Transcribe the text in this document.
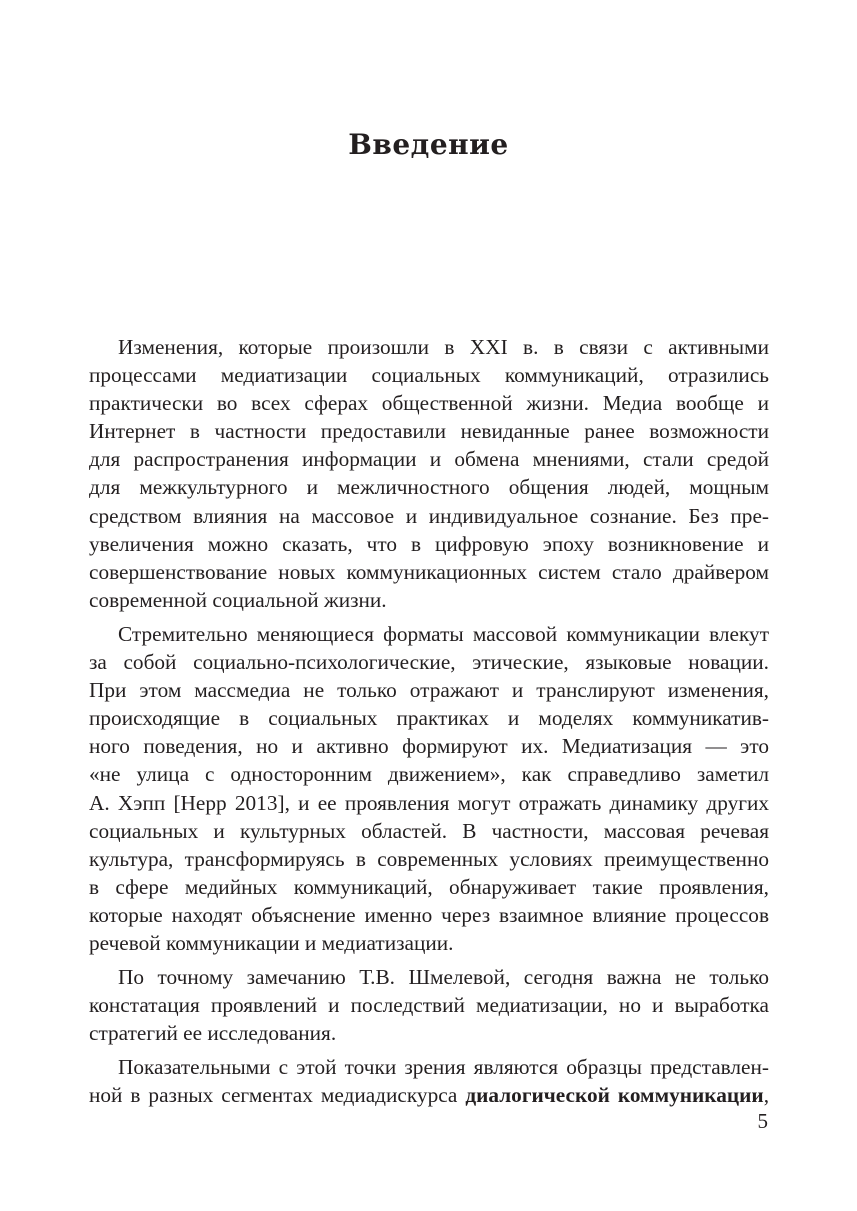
Введение

Изменения, которые произошли в XXI в. в связи с активными
процессами медиатизации социальных коммуникаций, отразились
практически во всех сферах общественной жизни. Медиа вообще и
Интернет в частности предоставили невиданные ранее возможности
для распространения информации и обмена мнениями, стали средой
для межкультурного и межличностного общения людей, мощным
средством влияния на массовое и индивидуальное сознание. Без пре-
увеличения можно сказать, что в цифровую эпоху возникновение и
совершенствование новых коммуникационных систем стало драйвером
современной социальной жизни.

Стремительно меняющиеся форматы массовой коммуникации влекут
за собой социально-психологические, этические, языковые новации.
При этом массмедиа не только отражают и транслируют изменения,
происходящие в социальных практиках и моделях коммуникатив-
ного поведения, но и активно формируют их. Медиатизация — это
«не улица с односторонним движением», как справедливо заметил
А. Хэпп [Hepp 2013], и ее проявления могут отражать динамику других
социальных и культурных областей. В частности, массовая речевая
культура, трансформируясь в современных условиях преимущественно
в сфере медийных коммуникаций, обнаруживает такие проявления,
которые находят объяснение именно через взаимное влияние процессов
речевой коммуникации и медиатизации.

По точному замечанию Т.В. Шмелевой, сегодня важна не только
констатация проявлений и последствий медиатизации, но и выработка
стратегий ее исследования.

Показательными с этой точки зрения являются образцы представлен-
ной в разных сегментах медиадискурса диалогической коммуникации,

5
